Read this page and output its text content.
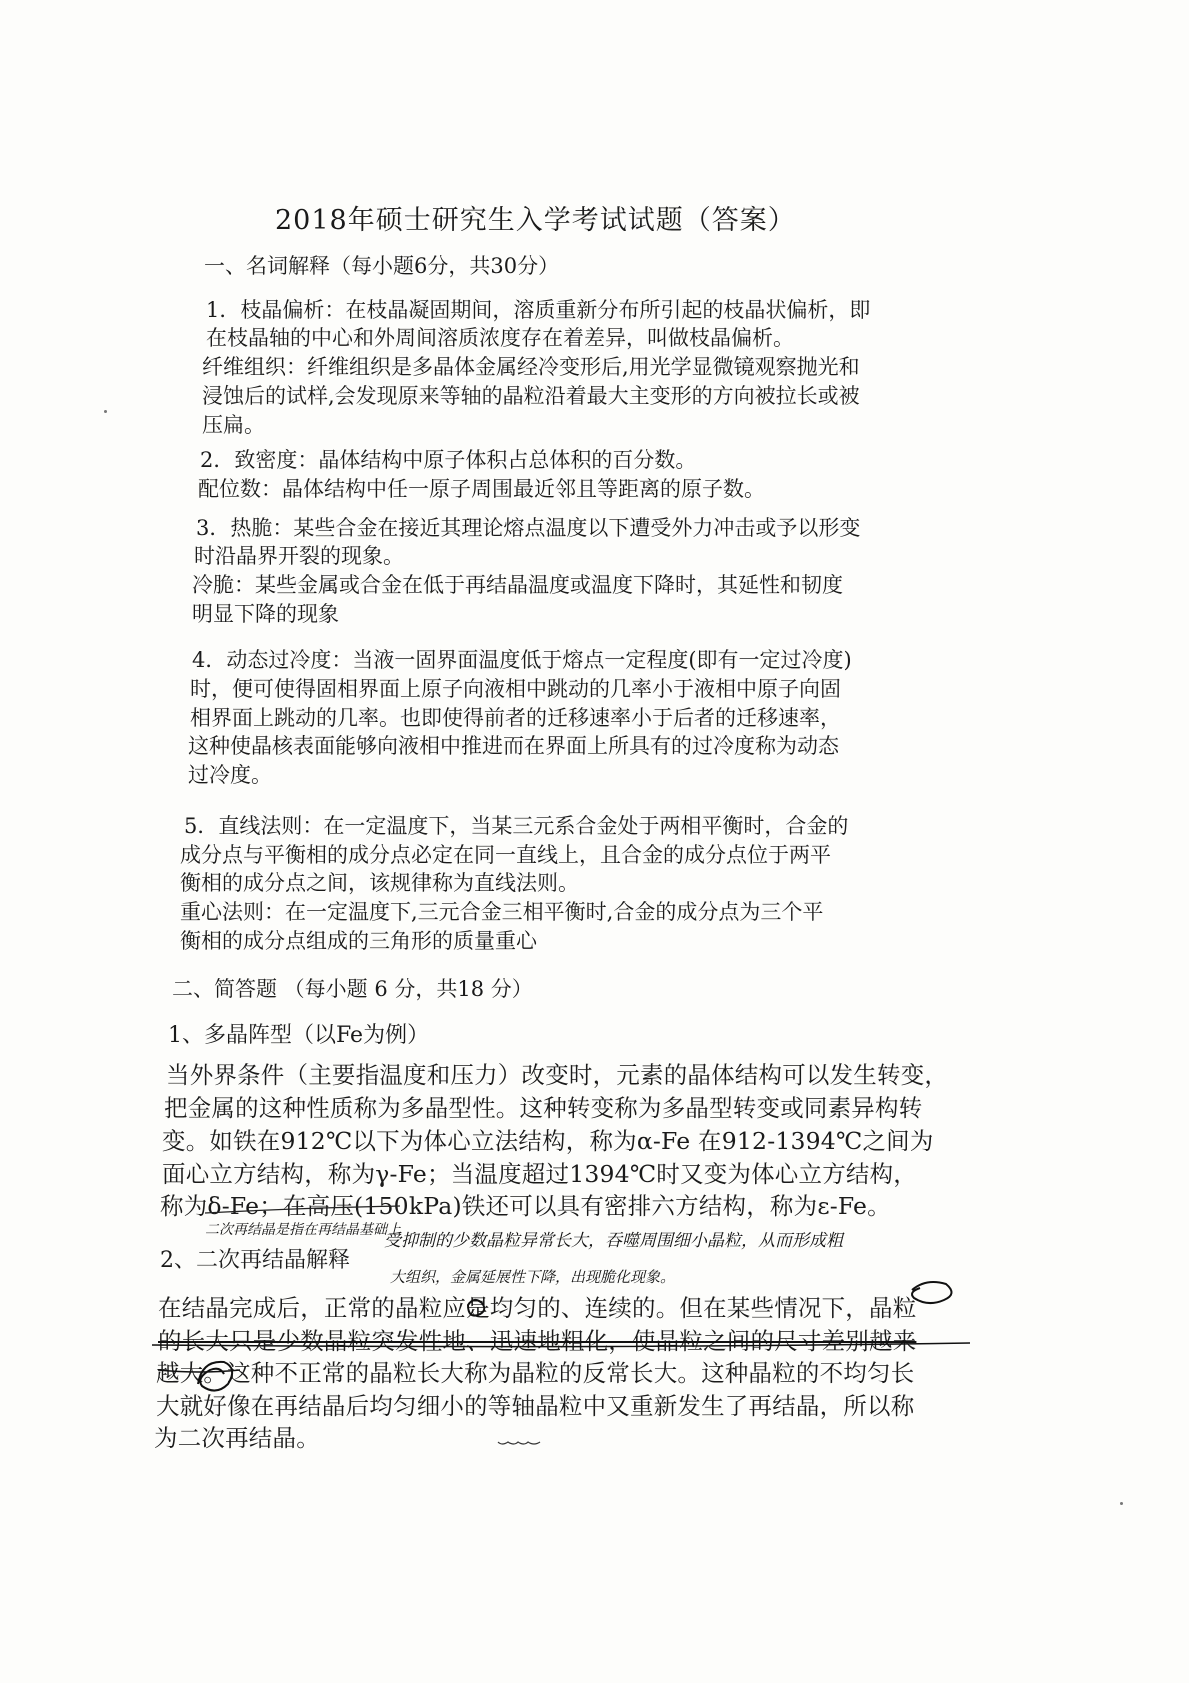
2018年硕士研究生入学考试试题（答案）
一、名词解释（每小题6分，共30分）
1．枝晶偏析：在枝晶凝固期间，溶质重新分布所引起的枝晶状偏析，即
在枝晶轴的中心和外周间溶质浓度存在着差异，叫做枝晶偏析。
纤维组织：纤维组织是多晶体金属经冷变形后,用光学显微镜观察抛光和
浸蚀后的试样,会发现原来等轴的晶粒沿着最大主变形的方向被拉长或被
压扁。
2．致密度：晶体结构中原子体积占总体积的百分数。
配位数：晶体结构中任一原子周围最近邻且等距离的原子数。
3．热脆：某些合金在接近其理论熔点温度以下遭受外力冲击或予以形变
时沿晶界开裂的现象。
冷脆：某些金属或合金在低于再结晶温度或温度下降时，其延性和韧度
明显下降的现象
4．动态过冷度：当液一固界面温度低于熔点一定程度(即有一定过冷度)
时，便可使得固相界面上原子向液相中跳动的几率小于液相中原子向固
相界面上跳动的几率。也即使得前者的迁移速率小于后者的迁移速率，
这种使晶核表面能够向液相中推进而在界面上所具有的过冷度称为动态
过冷度。
5．直线法则：在一定温度下，当某三元系合金处于两相平衡时，合金的
成分点与平衡相的成分点必定在同一直线上，且合金的成分点位于两平
衡相的成分点之间，该规律称为直线法则。
重心法则：在一定温度下,三元合金三相平衡时,合金的成分点为三个平
衡相的成分点组成的三角形的质量重心
二、简答题 （每小题 6 分，共18 分）
1、多晶阵型（以Fe为例）
当外界条件（主要指温度和压力）改变时，元素的晶体结构可以发生转变，
把金属的这种性质称为多晶型性。这种转变称为多晶型转变或同素异构转
变。如铁在912℃以下为体心立法结构，称为α-Fe 在912-1394℃之间为
面心立方结构，称为γ-Fe；当温度超过1394℃时又变为体心立方结构，
称为δ-Fe；在高压(150kPa)铁还可以具有密排六方结构，称为ε-Fe。
二次再结晶是指在再结晶基础上
2、二次再结晶解释
受抑制的少数晶粒异常长大，吞噬周围细小晶粒，从而形成粗
大组织，金属延展性下降，出现脆化现象。
在结晶完成后，正常的晶粒应是均匀的、连续的。但在某些情况下，晶粒
的长大只是少数晶粒突发性地、迅速地粗化，使晶粒之间的尺寸差别越来
越大。这种不正常的晶粒长大称为晶粒的反常长大。这种晶粒的不均匀长
大就好像在再结晶后均匀细小的等轴晶粒中又重新发生了再结晶，所以称
为二次再结晶。
